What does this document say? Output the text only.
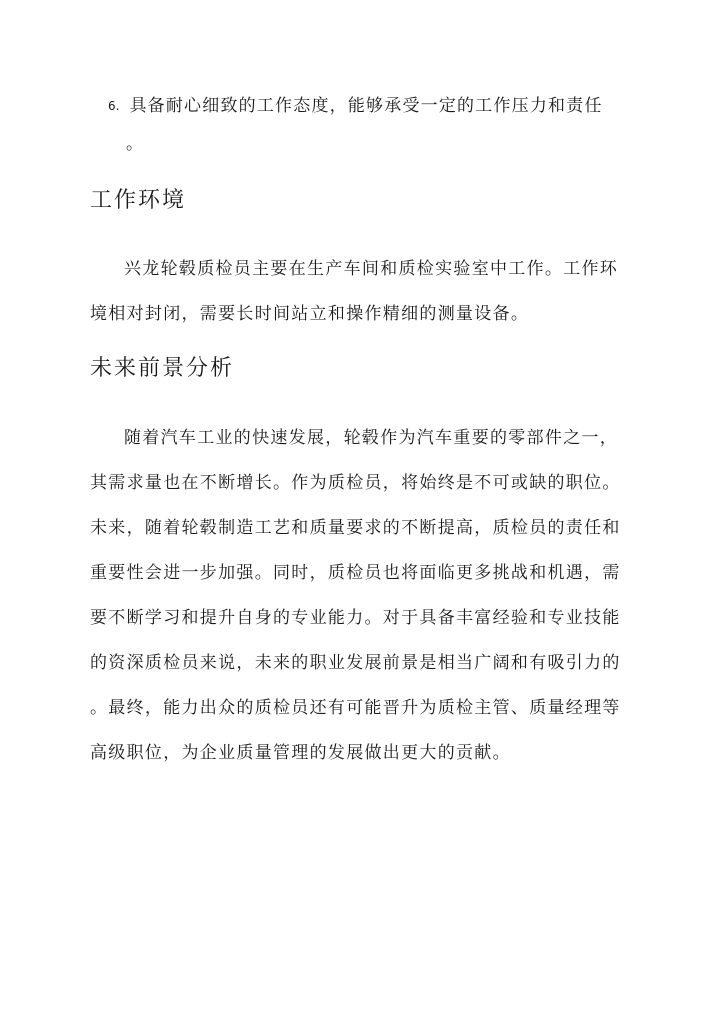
6. 具备耐心细致的工作态度，能够承受一定的工作压力和责任
。
工作环境

兴龙轮毂质检员主要在生产车间和质检实验室中工作。工作环
境相对封闭，需要长时间站立和操作精细的测量设备。

未来前景分析

随着汽车工业的快速发展，轮毂作为汽车重要的零部件之一，
其需求量也在不断增长。作为质检员，将始终是不可或缺的职位。
未来，随着轮毂制造工艺和质量要求的不断提高，质检员的责任和
重要性会进一步加强。同时，质检员也将面临更多挑战和机遇，需
要不断学习和提升自身的专业能力。对于具备丰富经验和专业技能
的资深质检员来说，未来的职业发展前景是相当广阔和有吸引力的
。最终，能力出众的质检员还有可能晋升为质检主管、质量经理等
高级职位，为企业质量管理的发展做出更大的贡献。
